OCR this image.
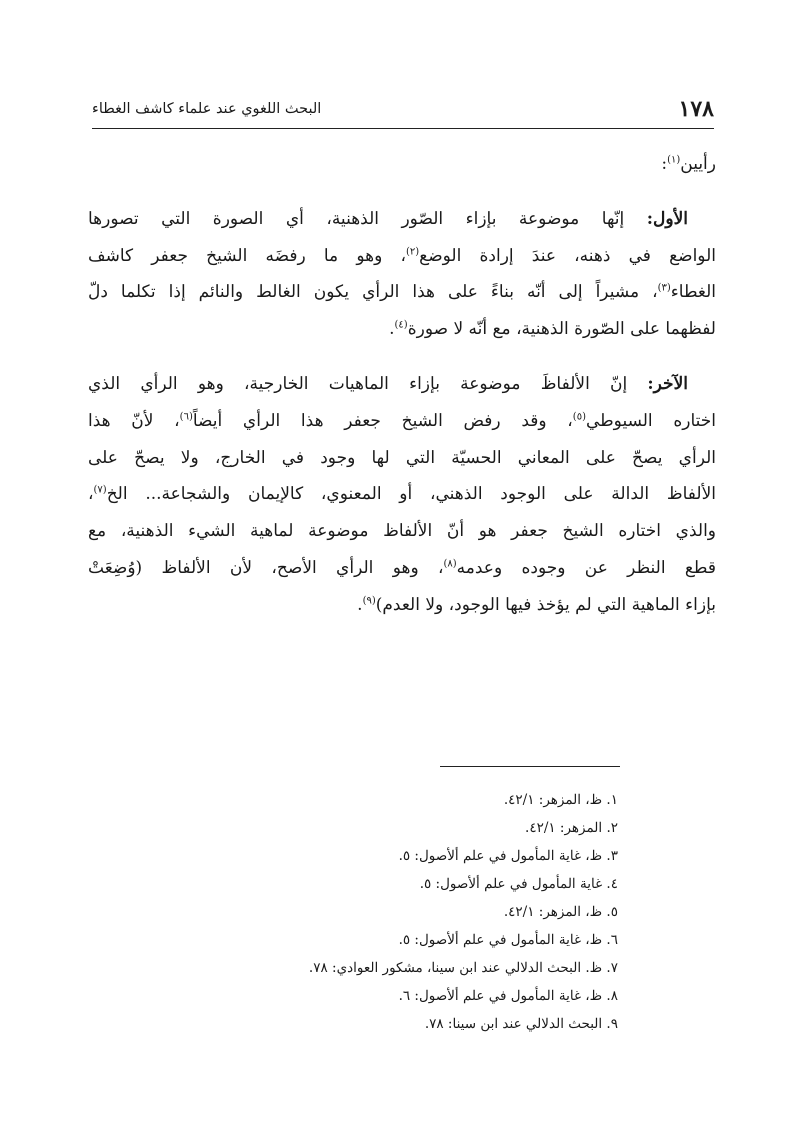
١٧٨
البحث اللغوي عند علماء كاشف الغطاء
رأيين$^{(١)}$:
الأول: إنّها موضوعة بإزاء الصّور الذهنية، أي الصورة التي تصورها
الواضع في ذهنه، عندَ إرادة الوضع$^{(٢)}$، وهو ما رفضَه الشيخ جعفر كاشف
الغطاء$^{(٣)}$، مشيراً إلى أنّه بناءً على هذا الرأي يكون الغالط والنائم إذا تكلما دلّ
لفظهما على الصّورة الذهنية، مع أنّه لا صورة$^{(٤)}$.
الآخر: إنّ الألفاظَ موضوعة بإزاء الماهيات الخارجية، وهو الرأي الذي
اختاره السيوطي$^{(٥)}$، وقد رفض الشيخ جعفر هذا الرأي أيضاً$^{(٦)}$، لأنّ هذا
الرأي يصحّ على المعاني الحسيّة التي لها وجود في الخارج، ولا يصحّ على
الألفاظ الدالة على الوجود الذهني، أو المعنوي، كالإيمان والشجاعة... الخ$^{(٧)}$،
والذي اختاره الشيخ جعفر هو أنّ الألفاظ موضوعة لماهية الشيء الذهنية، مع
قطع النظر عن وجوده وعدمه$^{(٨)}$، وهو الرأي الأصح، لأن الألفاظ (وُضِعَتْ
بإزاء الماهية التي لم يؤخذ فيها الوجود، ولا العدم)$^{(٩)}$.
١. ظ، المزهر: ٤٢/١.
٢. المزهر: ٤٢/١.
٣. ظ، غاية المأمول في علم ألأصول: ٥.
٤. غاية المأمول في علم ألأصول: ٥.
٥. ظ، المزهر: ٤٢/١.
٦. ظ، غاية المأمول في علم ألأصول: ٥.
٧. ظ. البحث الدلالي عند ابن سينا، مشكور العوادي: ٧٨.
٨. ظ، غاية المأمول في علم ألأصول: ٦.
٩. البحث الدلالي عند ابن سينا: ٧٨.
